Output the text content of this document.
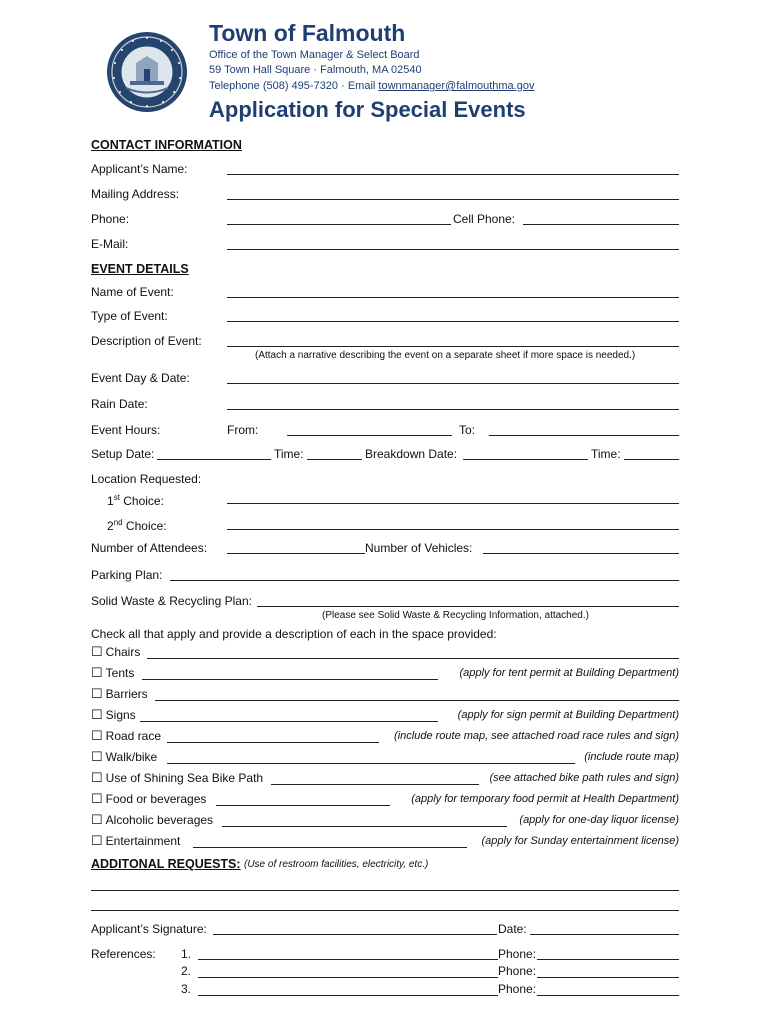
Town of Falmouth
Office of the Town Manager & Select Board
59 Town Hall Square · Falmouth, MA 02540
Telephone (508) 495-7320 · Email townmanager@falmouthma.gov
Application for Special Events
CONTACT INFORMATION
Applicant’s Name:
Mailing Address:
Phone:	Cell Phone:
E-Mail:
EVENT DETAILS
Name of Event:
Type of Event:
Description of Event:
(Attach a narrative describing the event on a separate sheet if more space is needed.)
Event Day & Date:
Rain Date:
Event Hours:	From:	To:
Setup Date:	Time:	Breakdown Date:	Time:
Location Requested:
1st Choice:
2nd Choice:
Number of Attendees:	Number of Vehicles:
Parking Plan:
Solid Waste & Recycling Plan:
(Please see Solid Waste & Recycling Information, attached.)
Check all that apply and provide a description of each in the space provided:
☐ Chairs
☐ Tents	(apply for tent permit at Building Department)
☐ Barriers
☐ Signs	(apply for sign permit at Building Department)
☐ Road race	(include route map, see attached road race rules and sign)
☐ Walk/bike	(include route map)
☐ Use of Shining Sea Bike Path	(see attached bike path rules and sign)
☐ Food or beverages	(apply for temporary food permit at Health Department)
☐ Alcoholic beverages	(apply for one-day liquor license)
☐ Entertainment	(apply for Sunday entertainment license)
ADDITONAL REQUESTS: (Use of restroom facilities, electricity, etc.)
Applicant’s Signature:	Date:
References: 1.	Phone:
2.	Phone:
3.	Phone:
